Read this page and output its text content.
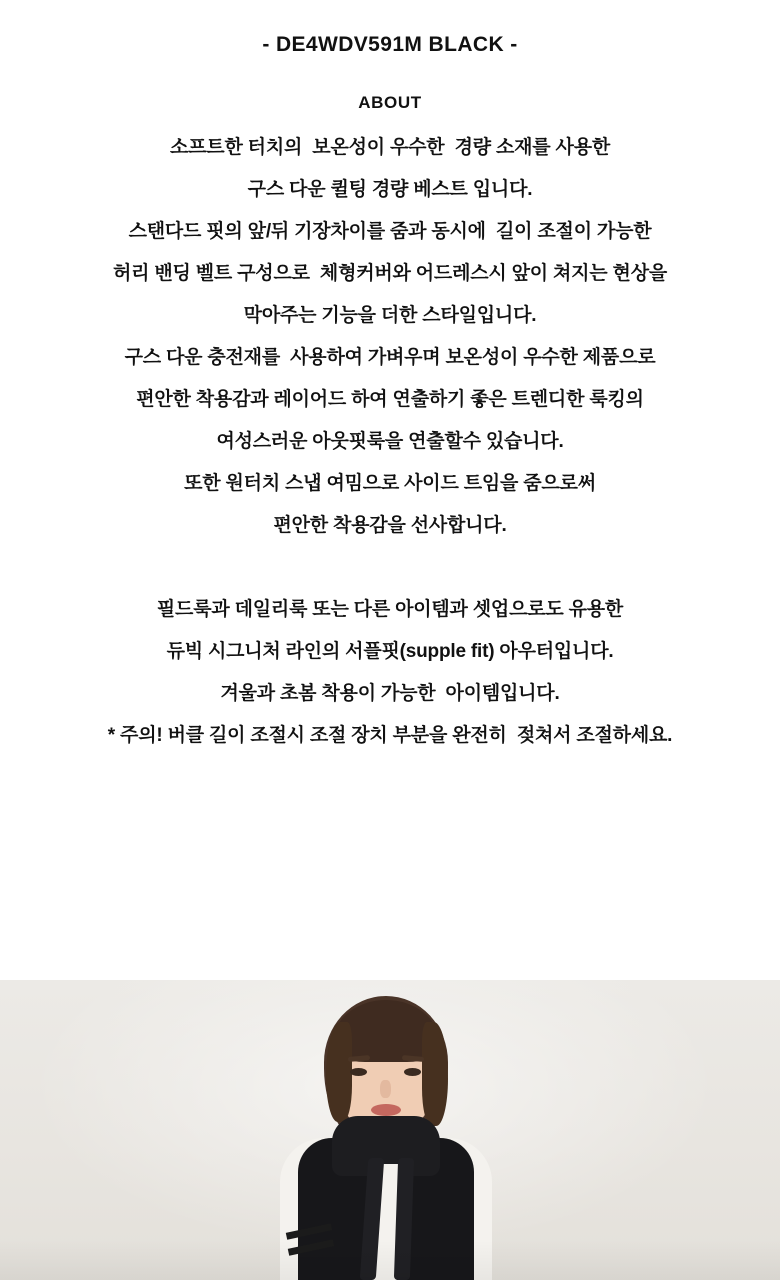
- DE4WDV591M BLACK -
ABOUT
소프트한 터치의  보온성이 우수한  경량 소재를 사용한
구스 다운 퀼팅 경량 베스트 입니다.
스탠다드 핏의 앞/뒤 기장차이를 줌과 동시에  길이 조절이 가능한
허리 밴딩 벨트 구성으로  체형커버와 어드레스시 앞이 쳐지는 현상을
막아주는 기능을 더한 스타일입니다.
구스 다운 충전재를  사용하여 가벼우며 보온성이 우수한 제품으로
편안한 착용감과 레이어드 하여 연출하기 좋은 트렌디한 룩킹의
여성스러운 아웃핏룩을 연출할수 있습니다.
또한 원터치 스냅 여밈으로 사이드 트임을 줌으로써
편안한 착용감을 선사합니다.

필드룩과 데일리룩 또는 다른 아이템과 셋업으로도 유용한
듀빅 시그니처 라인의 서플핏(supple fit) 아우터입니다.
겨울과 초봄 착용이 가능한  아이템입니다.
* 주의! 버클 길이 조절시 조절 장치 부분을 완전히  젖쳐서 조절하세요.
